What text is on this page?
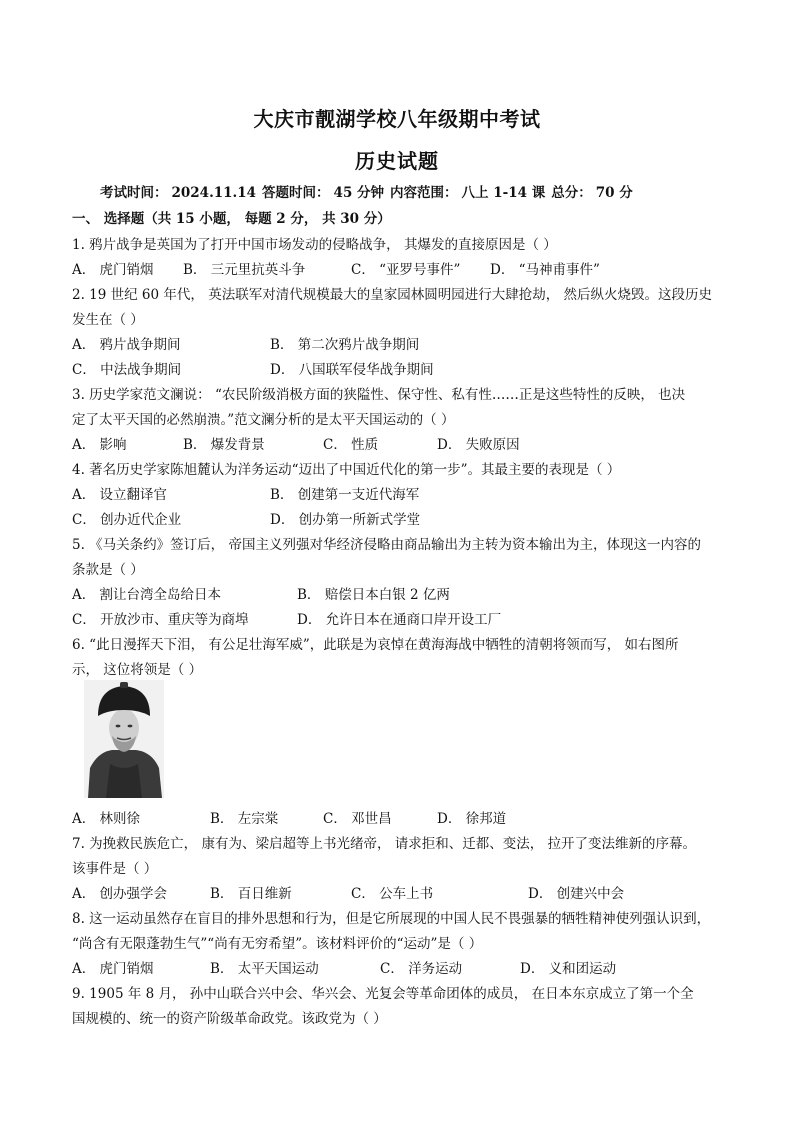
大庆市靓湖学校八年级期中考试
历史试题
考试时间： 2024.11.14 答题时间： 45 分钟 内容范围： 八上 1-14 课 总分： 70 分
一、 选择题（共 15 小题， 每题 2 分， 共 30 分）
1. 鸦片战争是英国为了打开中国市场发动的侵略战争， 其爆发的直接原因是（ ）
A． 虎门销烟 B． 三元里抗英斗争	C． “亚罗号事件” D． “马神甫事件”
2. 19 世纪 60 年代， 英法联军对清代规模最大的皇家园林圆明园进行大肆抢劫， 然后纵火烧毁。这段历史
发生在（ ）
A． 鸦片战争期间	B． 第二次鸦片战争期间
C． 中法战争期间	D． 八国联军侵华战争期间
3. 历史学家范文澜说： “农民阶级消极方面的狭隘性、保守性、私有性……正是这些特性的反映， 也决
定了太平天国的必然崩溃。”范文澜分析的是太平天国运动的（ ）
A． 影响	B． 爆发背景	C． 性质	D． 失败原因
4. 著名历史学家陈旭麓认为洋务运动“迈出了中国近代化的第一步”。其最主要的表现是（ ）
A． 设立翻译官	B． 创建第一支近代海军
C． 创办近代企业	D． 创办第一所新式学堂
5. 《马关条约》签订后， 帝国主义列强对华经济侵略由商品输出为主转为资本输出为主，体现这一内容的
条款是（ ）
A． 割让台湾全岛给日本	B． 赔偿日本白银 2 亿两
C． 开放沙市、重庆等为商埠	D． 允许日本在通商口岸开设工厂
6. “此日漫挥天下泪， 有公足壮海军威”，此联是为哀悼在黄海海战中牺牲的清朝将领而写， 如右图所
示， 这位将领是（ ）
A． 林则徐	B． 左宗棠	C． 邓世昌	D． 徐邦道
7. 为挽救民族危亡， 康有为、梁启超等上书光绪帝， 请求拒和、迁都、变法， 拉开了变法维新的序幕。
该事件是（ ）
A． 创办强学会	B． 百日维新	C． 公车上书	D． 创建兴中会
8. 这一运动虽然存在盲目的排外思想和行为，但是它所展现的中国人民不畏强暴的牺牲精神使列强认识到，
“尚含有无限蓬勃生气”“尚有无穷希望”。该材料评价的“运动”是（ ）
A． 虎门销烟	B． 太平天国运动	C． 洋务运动	D． 义和团运动
9. 1905 年 8 月， 孙中山联合兴中会、华兴会、光复会等革命团体的成员， 在日本东京成立了第一个全
国规模的、统一的资产阶级革命政党。该政党为（ ）
